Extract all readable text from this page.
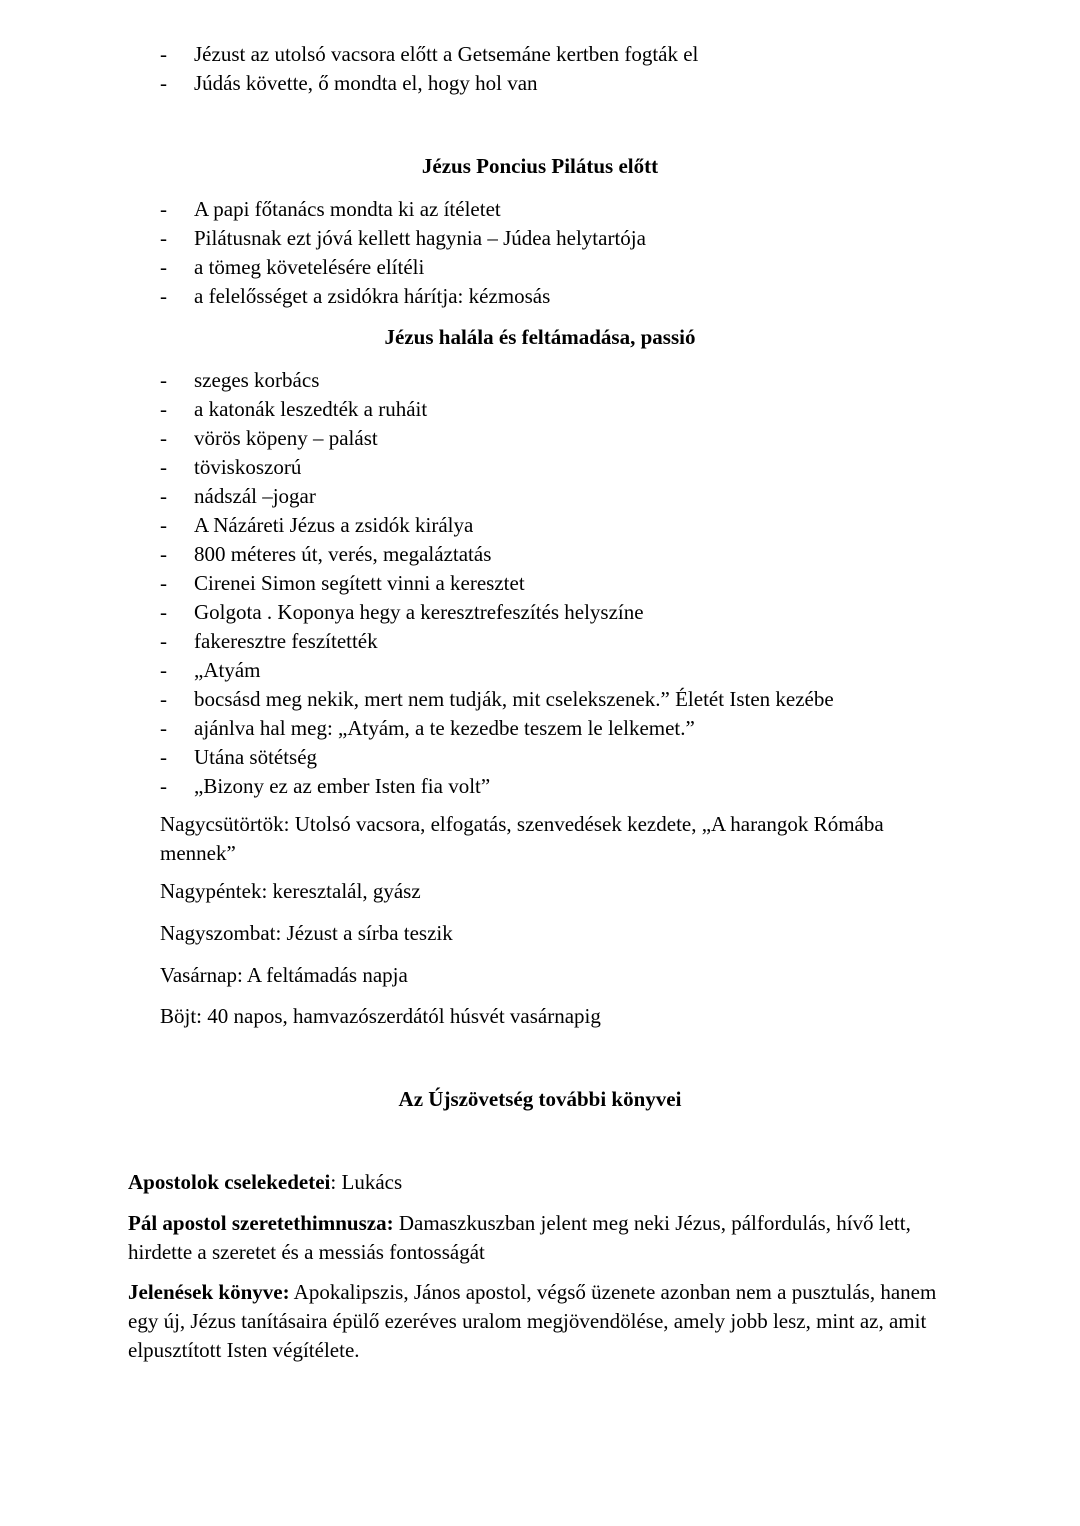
-	Jézust az utolsó vacsora előtt a Getsemáne kertben fogták el
-	Júdás követte, ő mondta el, hogy hol van
Jézus Poncius Pilátus előtt
-	A papi főtanács mondta ki az ítéletet
-	Pilátusnak ezt jóvá kellett hagynia – Júdea helytartója
-	a tömeg követelésére elítéli
-	a felelősséget a zsidókra hárítja: kézmosás
Jézus halála és feltámadása, passió
-	szeges korbács
-	a katonák leszedték a ruháit
-	vörös köpeny – palást
-	töviskoszorú
-	nádszál –jogar
-	A Názáreti Jézus a zsidók királya
-	800 méteres út, verés, megaláztatás
-	Cirenei Simon segített vinni a keresztet
-	Golgota . Koponya hegy a keresztrefeszítés helyszíne
-	fakeresztre feszítették
-	„Atyám
-	bocsásd meg nekik, mert nem tudják, mit cselekszenek.” Életét Isten kezébe
-	ajánlva hal meg: „Atyám, a te kezedbe teszem le lelkemet.”
-	Utána sötétség
-	„Bizony ez az ember Isten fia volt”

Nagycsütörtök: Utolsó vacsora, elfogatás, szenvedések kezdete, „A harangok Rómába mennek”

Nagypéntek: keresztalál, gyász

Nagyszombat: Jézust a sírba teszik

Vasárnap: A feltámadás napja

Böjt: 40 napos, hamvazószerdától húsvét vasárnapig

Az Újszövetség további könyvei

Apostolok cselekedetei: Lukács

Pál apostol szeretethimnusza: Damaszkuszban jelent meg neki Jézus, pálfordulás, hívő lett, hirdette a szeretet és a messiás fontosságát

Jelenések könyve: Apokalipszis, János apostol, végső üzenete azonban nem a pusztulás, hanem egy új, Jézus tanításaira épülő ezeréves uralom megjövendölése, amely jobb lesz, mint az, amit elpusztított Isten végítélete.
